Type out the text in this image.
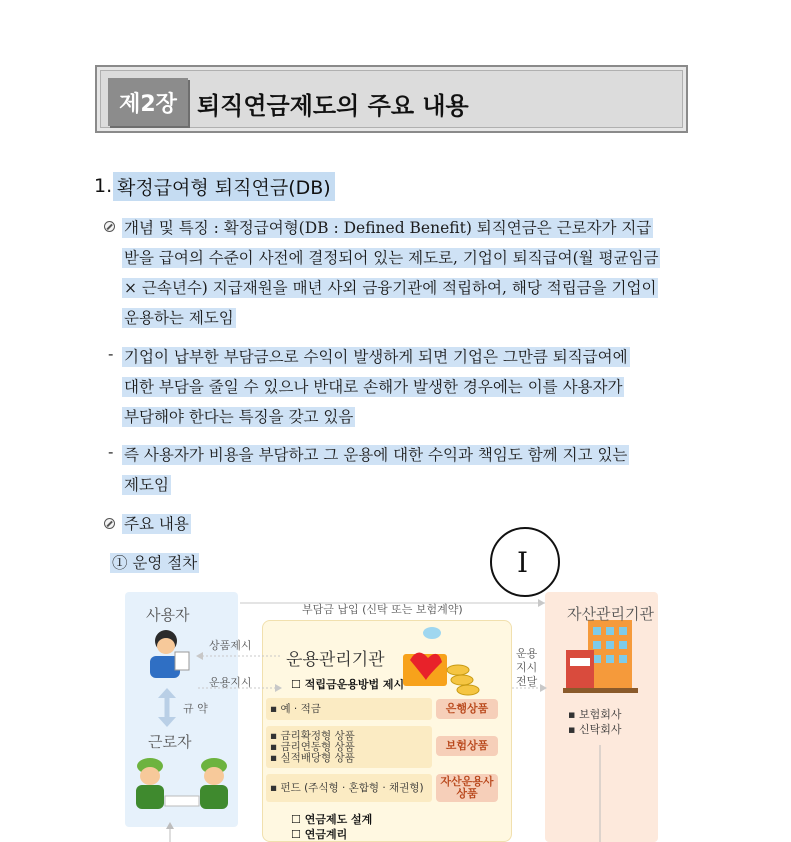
제2장 퇴직연금제도의 주요 내용
1. 확정급여형 퇴직연금(DB)
개념 및 특징 : 확정급여형(DB : Defined Benefit) 퇴직연금은 근로자가 지급
받을 급여의 수준이 사전에 결정되어 있는 제도로, 기업이 퇴직급여(월 평균임금
× 근속년수) 지급재원을 매년 사외 금융기관에 적립하여, 해당 적립금을 기업이
운용하는 제도임
- 기업이 납부한 부담금으로 수익이 발생하게 되면 기업은 그만큼 퇴직급여에
대한 부담을 줄일 수 있으나 반대로 손해가 발생한 경우에는 이를 사용자가
부담해야 한다는 특징을 갖고 있음
- 즉 사용자가 비용을 부담하고 그 운용에 대한 수익과 책임도 함께 지고 있는
제도임
주요 내용
① 운영 절차	I
사용자
근로자
규 약
자산관리기관
부담금 납입 (신탁 또는 보험계약)
상품제시
운용지시
운용
지시
전달
운용관리기관
☐ 적립금운용방법 제시
▪ 예 · 적금	은행상품
▪ 금리확정형 상품
▪ 금리연동형 상품
▪ 실적배당형 상품
보험상품
▪ 펀드 (주식형 · 혼합형 · 채권형) 자산운용사
상품
☐ 연금제도 설계
☐ 연금계리
▪ 보험회사
▪ 신탁회사
